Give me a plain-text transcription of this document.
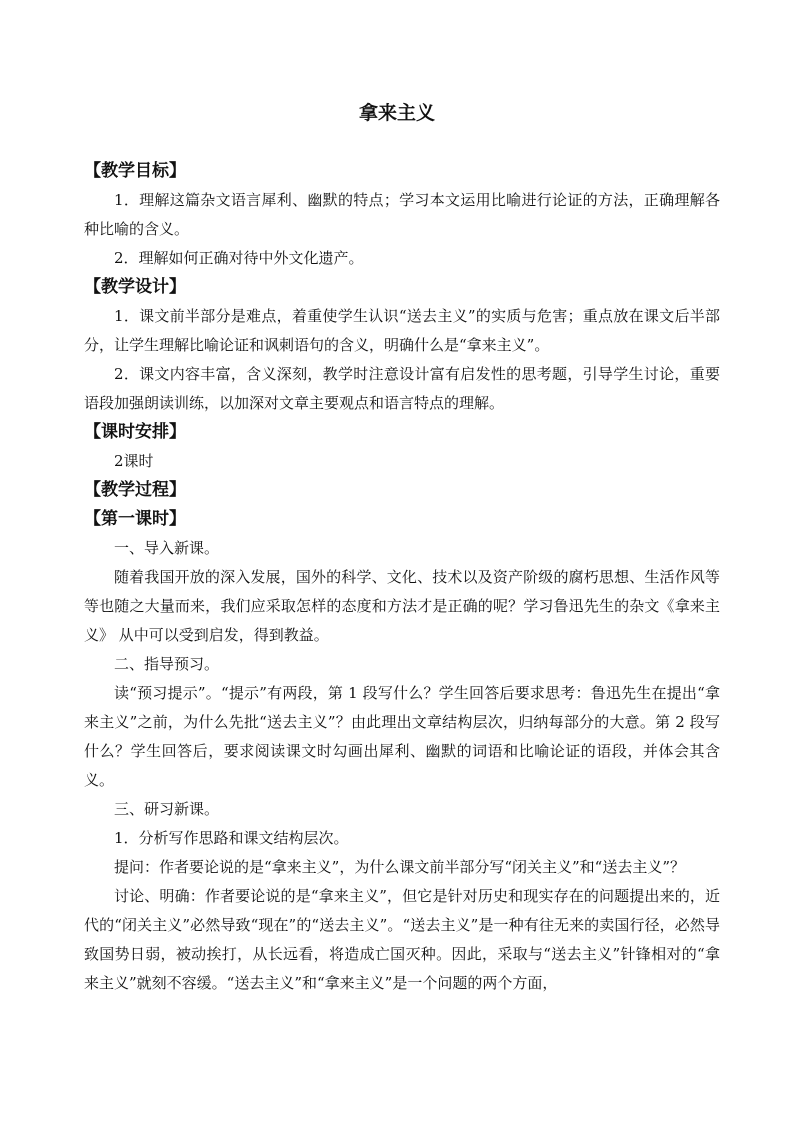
拿来主义

【教学目标】

1．理解这篇杂文语言犀利、幽默的特点；学习本文运用比喻进行论证的方法，正确理解各种比喻的含义。

2．理解如何正确对待中外文化遗产。

【教学设计】

1．课文前半部分是难点，着重使学生认识“送去主义”的实质与危害；重点放在课文后半部分，让学生理解比喻论证和讽刺语句的含义，明确什么是“拿来主义”。

2．课文内容丰富，含义深刻，教学时注意设计富有启发性的思考题，引导学生讨论，重要语段加强朗读训练，以加深对文章主要观点和语言特点的理解。

【课时安排】

2课时

【教学过程】

【第一课时】

一、导入新课。

随着我国开放的深入发展，国外的科学、文化、技术以及资产阶级的腐朽思想、生活作风等等也随之大量而来，我们应采取怎样的态度和方法才是正确的呢？学习鲁迅先生的杂文《拿来主义》 从中可以受到启发，得到教益。

二、指导预习。

读“预习提示”。“提示”有两段，第 1 段写什么？学生回答后要求思考：鲁迅先生在提出“拿来主义”之前，为什么先批“送去主义”？由此理出文章结构层次，归纳每部分的大意。第 2 段写什么？学生回答后，要求阅读课文时勾画出犀利、幽默的词语和比喻论证的语段，并体会其含义。

三、研习新课。

1．分析写作思路和课文结构层次。

提问：作者要论说的是“拿来主义”，为什么课文前半部分写“闭关主义”和“送去主义”？

讨论、明确：作者要论说的是“拿来主义”，但它是针对历史和现实存在的问题提出来的，近代的“闭关主义”必然导致“现在”的“送去主义”。“送去主义”是一种有往无来的卖国行径，必然导致国势日弱，被动挨打，从长远看，将造成亡国灭种。因此，采取与“送去主义”针锋相对的“拿来主义”就刻不容缓。“送去主义”和“拿来主义”是一个问题的两个方面，
